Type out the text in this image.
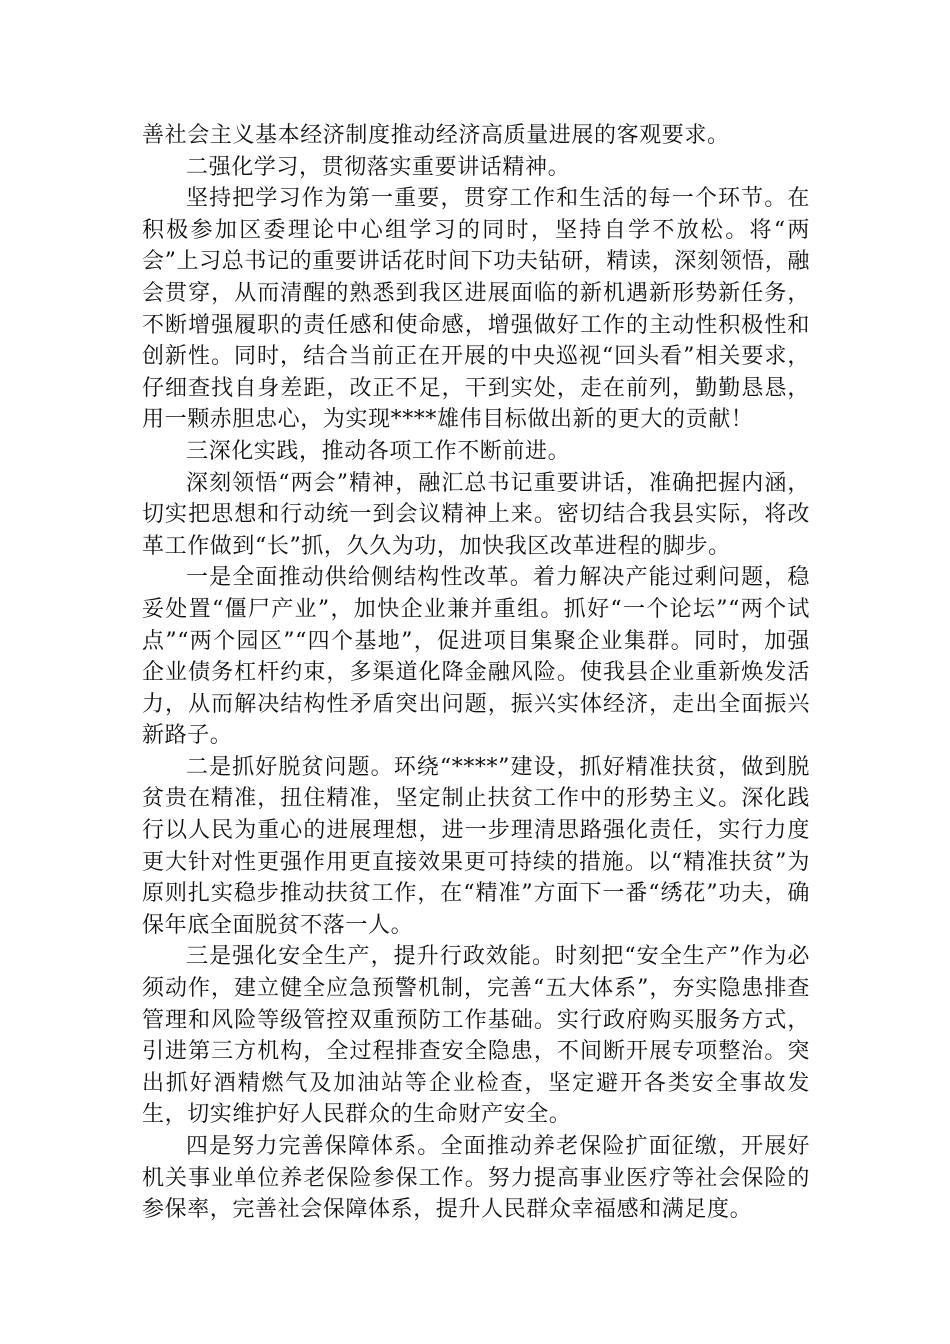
善社会主义基本经济制度推动经济高质量进展的客观要求。

二强化学习，贯彻落实重要讲话精神。

坚持把学习作为第一重要，贯穿工作和生活的每一个环节。在积极参加区委理论中心组学习的同时，坚持自学不放松。将“两会”上习总书记的重要讲话花时间下功夫钻研，精读，深刻领悟，融会贯穿，从而清醒的熟悉到我区进展面临的新机遇新形势新任务，不断增强履职的责任感和使命感，增强做好工作的主动性积极性和创新性。同时，结合当前正在开展的中央巡视“回头看”相关要求，仔细查找自身差距，改正不足，干到实处，走在前列，勤勤恳恳，用一颗赤胆忠心，为实现****雄伟目标做出新的更大的贡献！

三深化实践，推动各项工作不断前进。

深刻领悟“两会”精神，融汇总书记重要讲话，准确把握内涵，切实把思想和行动统一到会议精神上来。密切结合我县实际，将改革工作做到“长”抓，久久为功，加快我区改革进程的脚步。

一是全面推动供给侧结构性改革。着力解决产能过剩问题，稳妥处置“僵尸产业”，加快企业兼并重组。抓好“一个论坛”“两个试点”“两个园区”“四个基地”，促进项目集聚企业集群。同时，加强企业债务杠杆约束，多渠道化降金融风险。使我县企业重新焕发活力，从而解决结构性矛盾突出问题，振兴实体经济，走出全面振兴新路子。

二是抓好脱贫问题。环绕“****”建设，抓好精准扶贫，做到脱贫贵在精准，扭住精准，坚定制止扶贫工作中的形势主义。深化践行以人民为重心的进展理想，进一步理清思路强化责任，实行力度更大针对性更强作用更直接效果更可持续的措施。以“精准扶贫”为原则扎实稳步推动扶贫工作，在“精准”方面下一番“绣花”功夫，确保年底全面脱贫不落一人。

三是强化安全生产，提升行政效能。时刻把“安全生产”作为必须动作，建立健全应急预警机制，完善“五大体系”，夯实隐患排查管理和风险等级管控双重预防工作基础。实行政府购买服务方式，引进第三方机构，全过程排查安全隐患，不间断开展专项整治。突出抓好酒精燃气及加油站等企业检查，坚定避开各类安全事故发生，切实维护好人民群众的生命财产安全。

四是努力完善保障体系。全面推动养老保险扩面征缴，开展好机关事业单位养老保险参保工作。努力提高事业医疗等社会保险的参保率，完善社会保障体系，提升人民群众幸福感和满足度。
